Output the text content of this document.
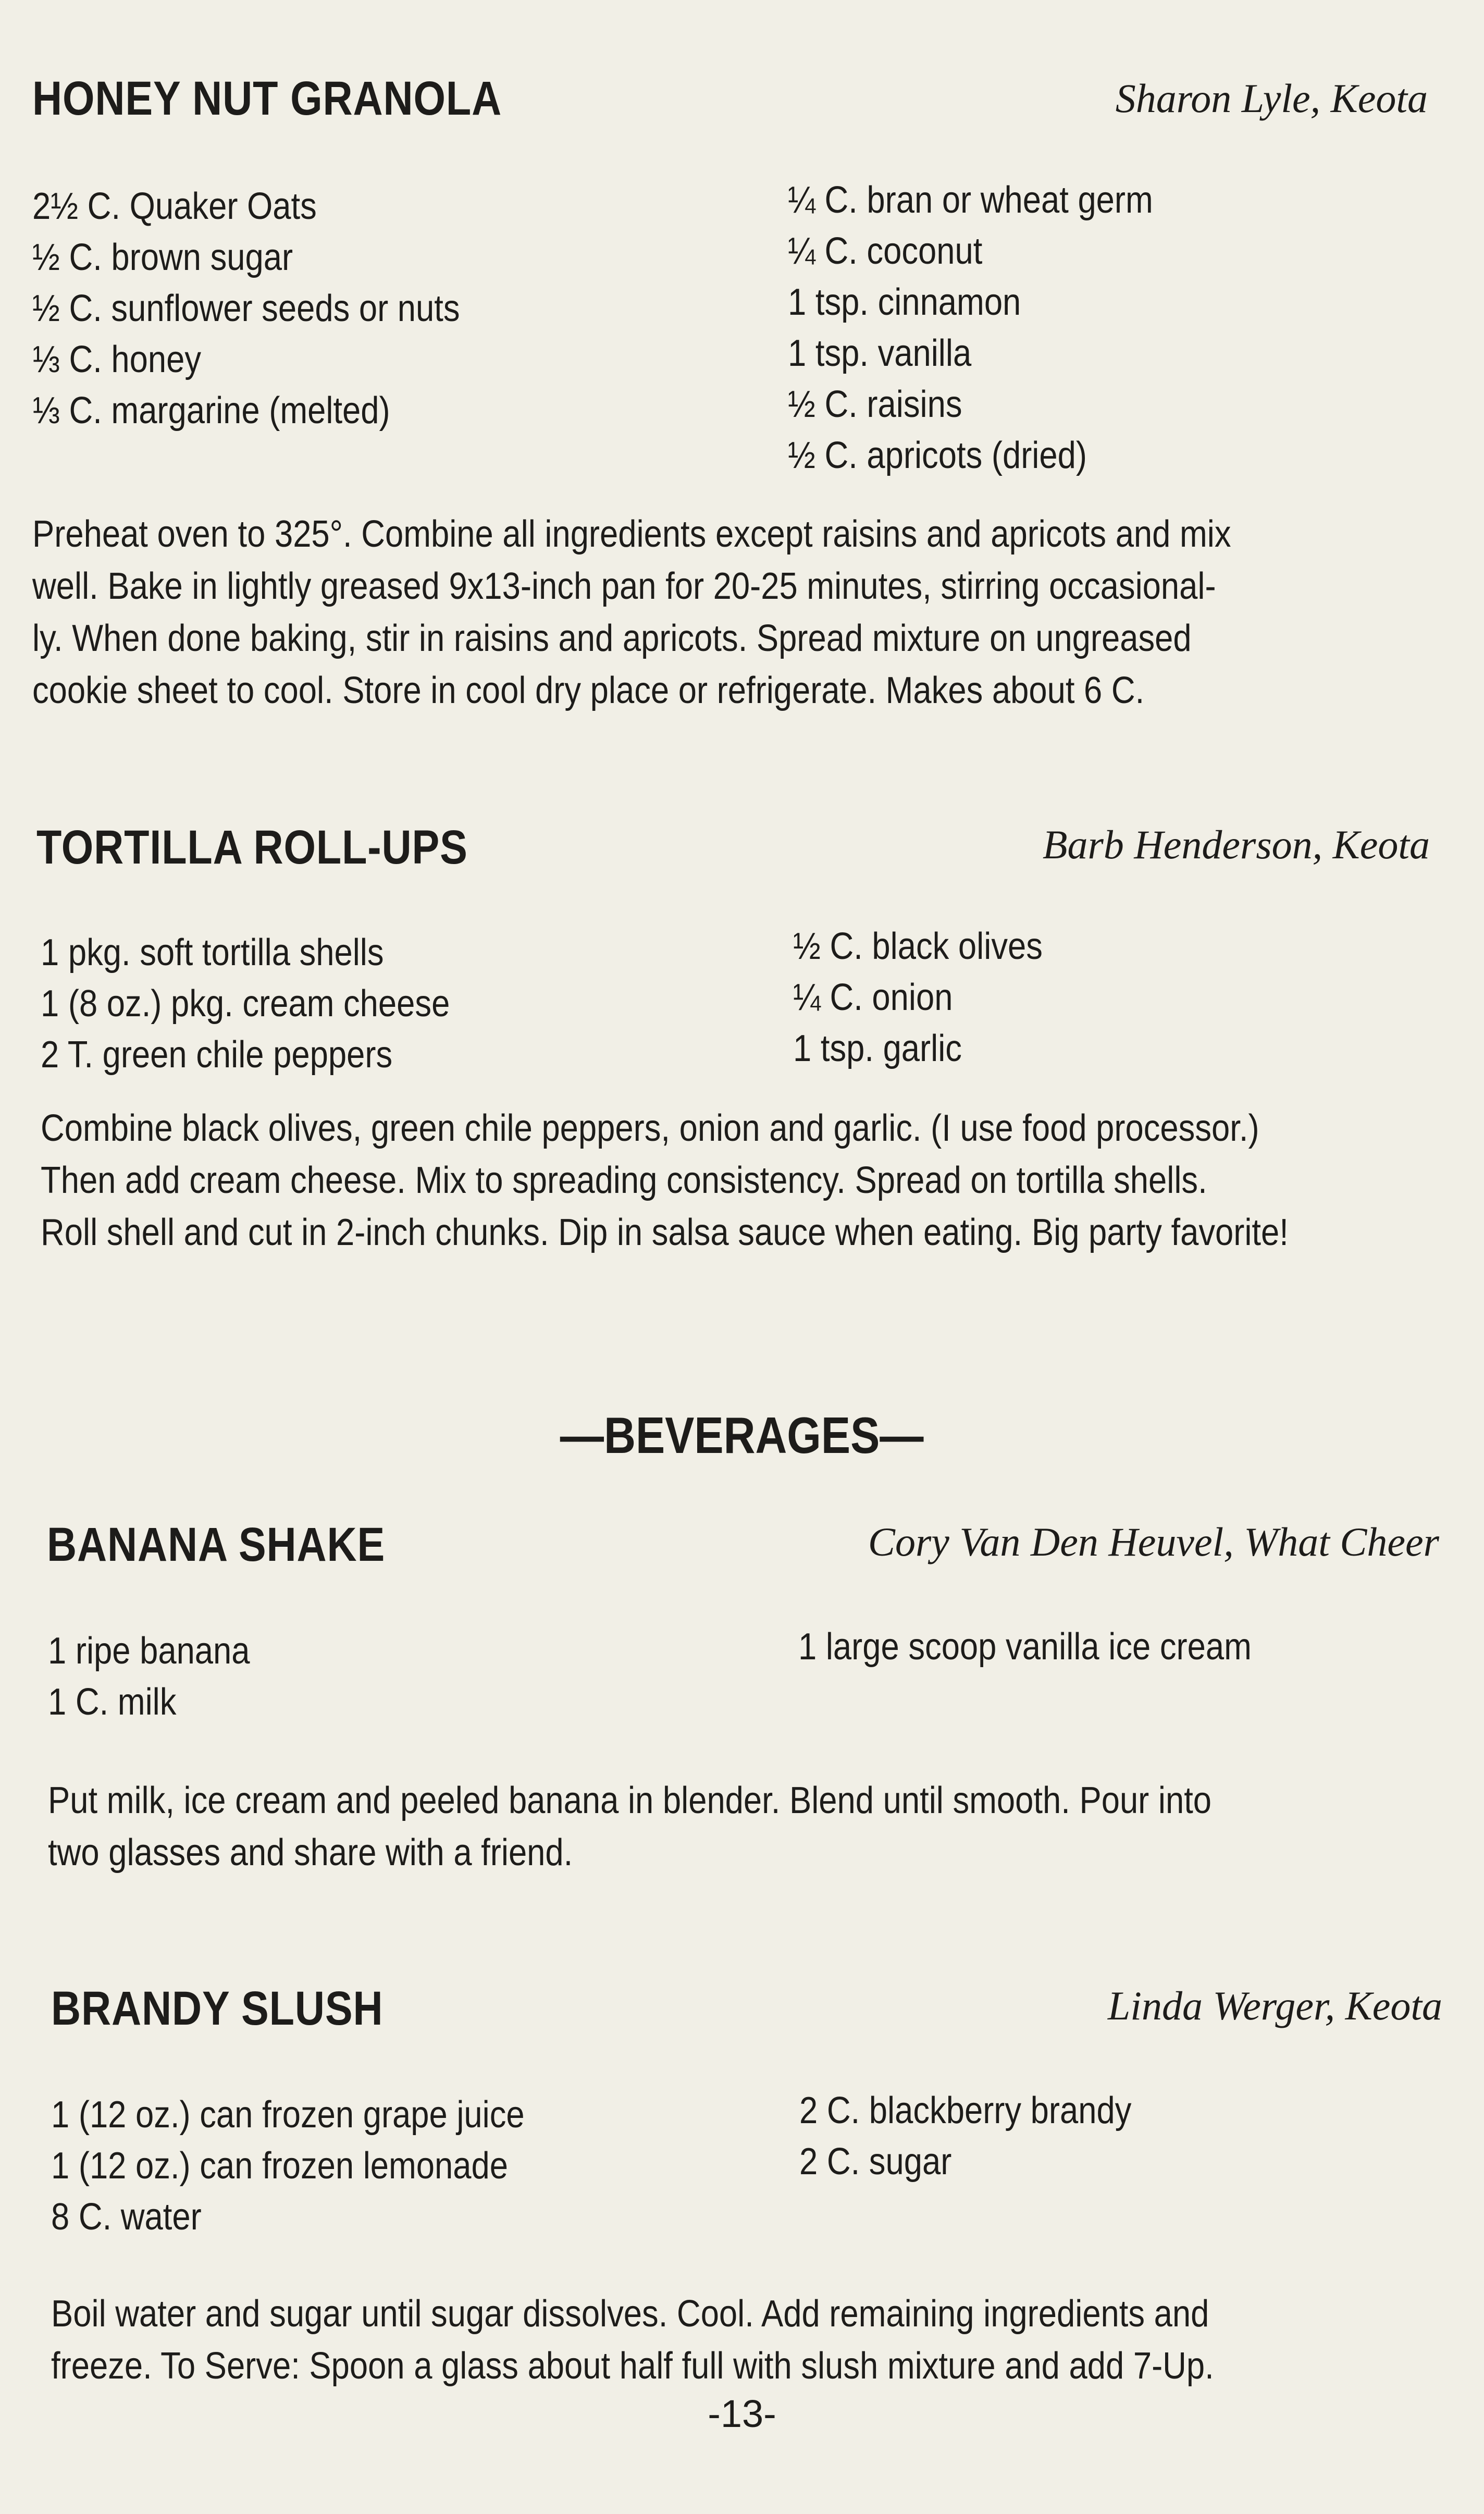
HONEY NUT GRANOLA	Sharon Lyle, Keota
2½ C. Quaker Oats
½ C. brown sugar
½ C. sunflower seeds or nuts
⅓ C. honey
⅓ C. margarine (melted)
¼ C. bran or wheat germ
¼ C. coconut
1 tsp. cinnamon
1 tsp. vanilla
½ C. raisins
½ C. apricots (dried)
Preheat oven to 325°. Combine all ingredients except raisins and apricots and mix
well. Bake in lightly greased 9x13-inch pan for 20-25 minutes, stirring occasional-
ly. When done baking, stir in raisins and apricots. Spread mixture on ungreased
cookie sheet to cool. Store in cool dry place or refrigerate. Makes about 6 C.
TORTILLA ROLL-UPS	Barb Henderson, Keota
1 pkg. soft tortilla shells
1 (8 oz.) pkg. cream cheese
2 T. green chile peppers
½ C. black olives
¼ C. onion
1 tsp. garlic
Combine black olives, green chile peppers, onion and garlic. (I use food processor.)
Then add cream cheese. Mix to spreading consistency. Spread on tortilla shells.
Roll shell and cut in 2-inch chunks. Dip in salsa sauce when eating. Big party favorite!
—BEVERAGES—
BANANA SHAKE	Cory Van Den Heuvel, What Cheer
1 ripe banana
1 C. milk
1 large scoop vanilla ice cream
Put milk, ice cream and peeled banana in blender. Blend until smooth. Pour into
two glasses and share with a friend.
BRANDY SLUSH	Linda Werger, Keota
1 (12 oz.) can frozen grape juice
1 (12 oz.) can frozen lemonade
8 C. water
2 C. blackberry brandy
2 C. sugar
Boil water and sugar until sugar dissolves. Cool. Add remaining ingredients and
freeze. To Serve: Spoon a glass about half full with slush mixture and add 7-Up.
-13-
